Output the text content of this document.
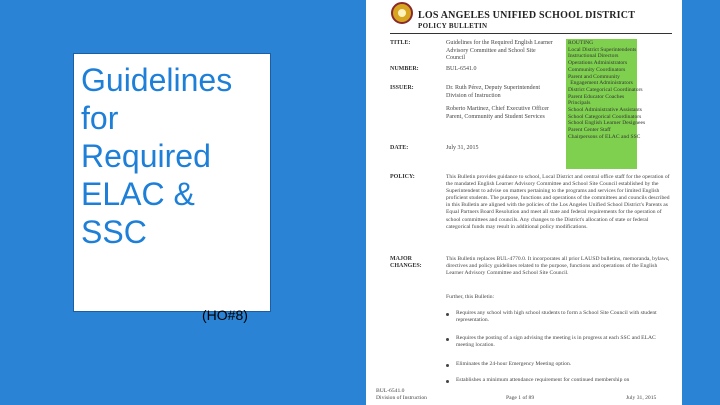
Guidelines
for
Required
ELAC &
SSC
(HO#8)
LOS ANGELES UNIFIED SCHOOL DISTRICT
POLICY BULLETIN
TITLE:	Guidelines for the Required English Learner
Advisory Committee and School Site
Council
NUMBER:	BUL-6541.0
ISSUER:	Dr. Ruth Pérez, Deputy Superintendent
Division of Instruction
Roberto Martinez, Chief Executive Officer
Parent, Community and Student Services
DATE:	July 31, 2015
ROUTING
Local District Superintendents
Instructional Directors
Operations Administrators
Community Coordinators
Parent and Community
Engagement Administrators
District Categorical Coordinators
Parent Educator Coaches
Principals
School Administrative Assistants
School Categorical Coordinators
School English Learner Designees
Parent Center Staff
Chairpersons of ELAC and SSC
POLICY:	This Bulletin provides guidance to school, Local District and central office staff for the operation of the mandated English Learner Advisory Committee and School Site Council established by the Superintendent to advise on matters pertaining to the programs and services for limited English proficient students. The purpose, functions and operations of the committees and councils described in this Bulletin are aligned with the policies of the Los Angeles Unified School District's Parents as Equal Partners Board Resolution and meet all state and federal requirements for the operation of school committees and councils. Any changes to the District's allocation of state or federal categorical funds may result in additional policy modifications.
MAJOR CHANGES:
This Bulletin replaces BUL-4770.0. It incorporates all prior LAUSD bulletins, memoranda, bylaws, directives and policy guidelines related to the purpose, functions and operations of the English Learner Advisory Committee and School Site Council.
Further, this Bulletin:
Requires any school with high school students to form a School Site Council with student representation.
Requires the posting of a sign advising the meeting is in progress at each SSC and ELAC meeting location.
Eliminates the 24-hour Emergency Meeting option.
Establishes a minimum attendance requirement for continued membership on
BUL-6541.0
Division of Instruction	Page 1 of 89	July 31, 2015
